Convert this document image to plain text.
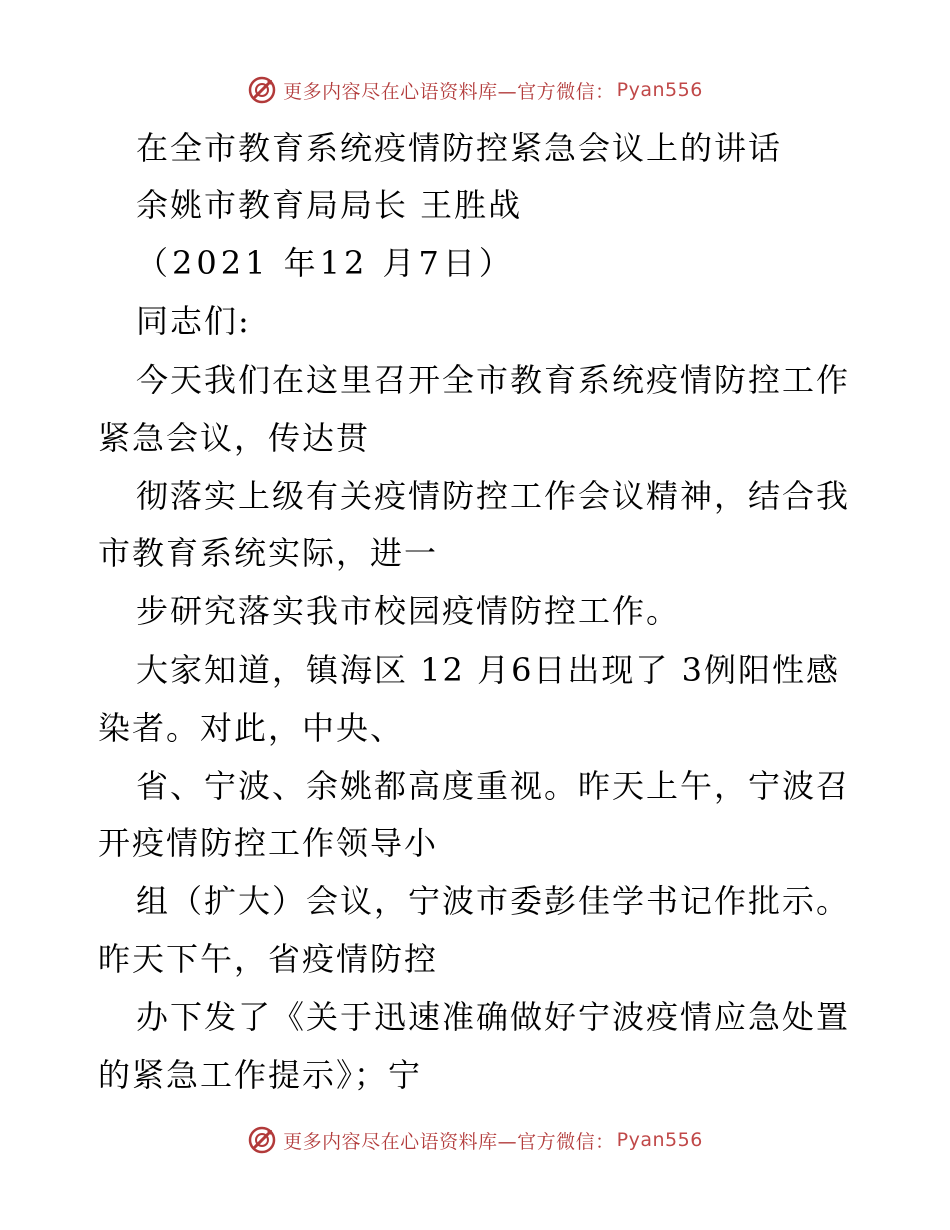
更多内容尽在心语资料库—官方微信： Pyan556
在全市教育系统疫情防控紧急会议上的讲话
余姚市教育局局长 王胜战
（2021 年12 月7日）
同志们:
今天我们在这里召开全市教育系统疫情防控工作
紧急会议，传达贯
彻落实上级有关疫情防控工作会议精神，结合我
市教育系统实际，进一
步研究落实我市校园疫情防控工作。
大家知道，镇海区 12 月6日出现了 3例阳性感
染者。对此，中央、
省、宁波、余姚都高度重视。昨天上午，宁波召
开疫情防控工作领导小
组（扩大）会议，宁波市委彭佳学书记作批示。
昨天下午，省疫情防控
办下发了《关于迅速准确做好宁波疫情应急处置
的紧急工作提示》；宁
更多内容尽在心语资料库—官方微信： Pyan556
